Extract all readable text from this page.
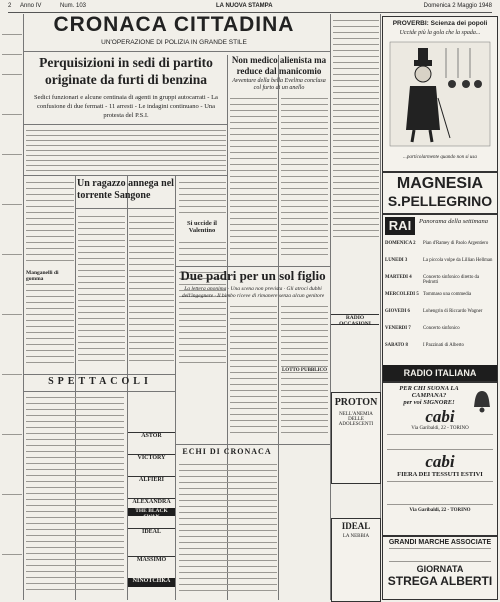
2 Anno IV	Num. 103	LA NUOVA STAMPA	Domenica 2 Maggio 1948
CRONACA CITTADINA
UN'OPERAZIONE DI POLIZIA IN GRANDE STILE
Perquisizioni in sedi di partito originate da furti di benzina
Sedici funzionari e alcune centinaia di agenti in gruppi autocarrati - La confusione di due fermati - 11 arresti - Le indagini continuano - Una protesta del P.S.I.
Manganelli di gomma
Un ragazzo annega nel torrente Sangone
Si uccide il Valentino
Non medico alienista ma reduce dal manicomio
Avventure della bella Evelina conclusa col furto di un anello
Due padri per un sol figlio
La lettera anonima · Una scena non prevista · Gli atroci dubbi dell'ingegnere · Il bimbo riceve di rimanere senza alcun genitore
ECHI DI CRONACA
SPETTACOLI
ASTOR
VICTORY
ALFIERI
ALEXANDRA
THE BLACK SWAN
IDEAL
MASSIMO
NINOTCHKA
RADIO OCCASIONI
LOTTO PUBBLICO
PROTON
NELL'ANEMIA DELLE ADOLESCENTI
IDEAL
LA NEBBIA
PROVERBI: Scienza dei popoli
Uccide più la gola che la spada...
...particolarmente quando non si usa
MAGNESIA
S.PELLEGRINO
RAI	Panorama della settimana
DOMENICA 2	Pian d'Ramey di Paolo Argentiero
LUNEDI 3	La piccola volpe da Lillian Hellman
MARTEDI 4	Concerto sinfonico diretto da Pedrotti
MERCOLEDI 5 Tommaso una commedia
GIOVEDI 6	Lohengrin di Riccardo Wagner
VENERDI 7	Concerto sinfonico
SABATO 8	I Pazzinati di Alberto
RADIO ITALIANA
PER CHI SUONA LA CAMPANA?
per voi SIGNORE!
cabi
Via Garibaldi, 22 - TORINO
cabi
FIERA DEI TESSUTI ESTIVI
Via Garibaldi, 22 - TORINO
GRANDI MARCHE ASSOCIATE
GIORNATA
STREGA ALBERTI
